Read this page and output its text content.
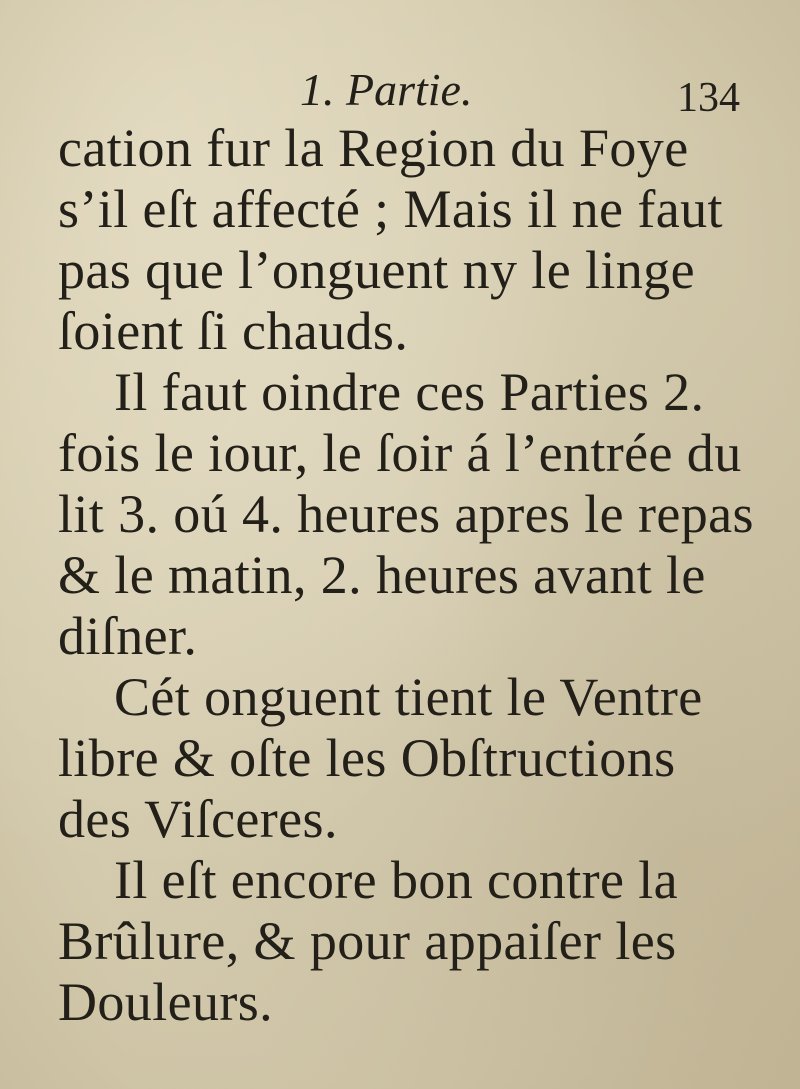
1. Partie.	134
cation fur la Region du Foye
s’il eſt affecté ; Mais il ne faut
pas que l’onguent ny le linge
ſoient ſi chauds.
Il faut oindre ces Parties 2.
fois le iour, le ſoir á l’entrée du
lit 3. oú 4. heures apres le repas
& le matin, 2. heures avant le
diſner.
Cét onguent tient le Ventre
libre & oſte les Obſtructions
des Viſceres.
Il eſt encore bon contre la
Brûlure, & pour appaiſer les
Douleurs.
